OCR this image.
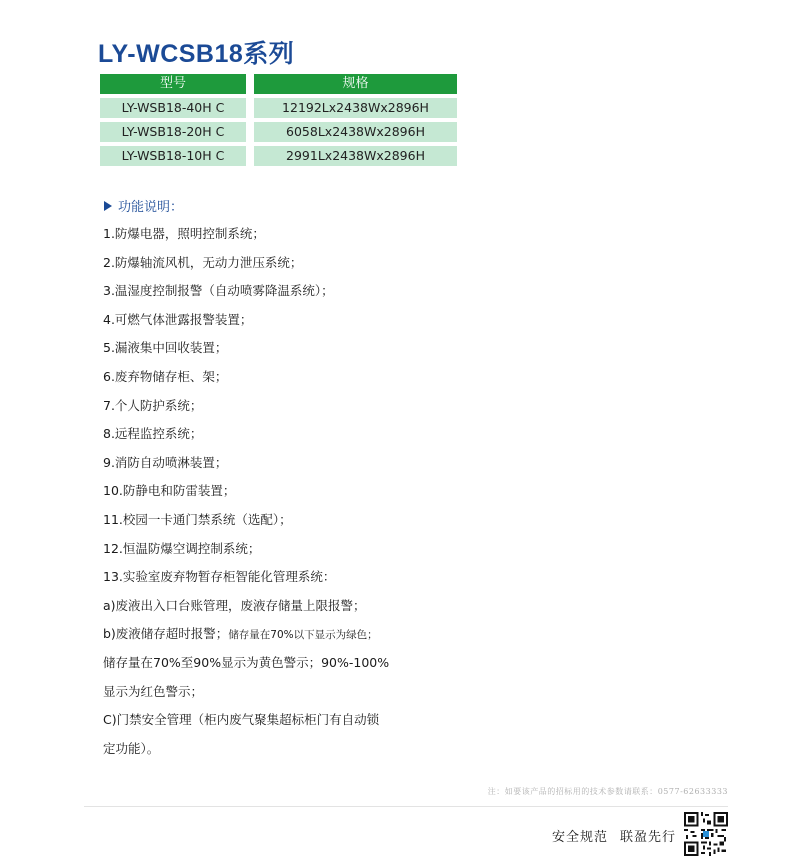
LY-WCSB18系列
型号	规格
LY-WSB18-40H C	12192Lx2438Wx2896H
LY-WSB18-20H C	6058Lx2438Wx2896H
LY-WSB18-10H C	2991Lx2438Wx2896H
功能说明：
1.防爆电器，照明控制系统；
2.防爆轴流风机，无动力泄压系统；
3.温湿度控制报警（自动喷雾降温系统）；
4.可燃气体泄露报警装置；
5.漏液集中回收装置；
6.废弃物储存柜、架；
7.个人防护系统；
8.远程监控系统；
9.消防自动喷淋装置；
10.防静电和防雷装置；
11.校园一卡通门禁系统（选配）；
12.恒温防爆空调控制系统；
13.实验室废弃物暂存柜智能化管理系统：
a)废液出入口台账管理，废液存储量上限报警；
b)废液储存超时报警；储存量在70%以下显示为绿色；
储存量在70%至90%显示为黄色警示；90%-100%
显示为红色警示；
C)门禁安全管理（柜内废气聚集超标柜门有自动锁
定功能）。
注：如要该产品的招标用的技术参数请联系：0577-62633333
安全规范 联盈先行
